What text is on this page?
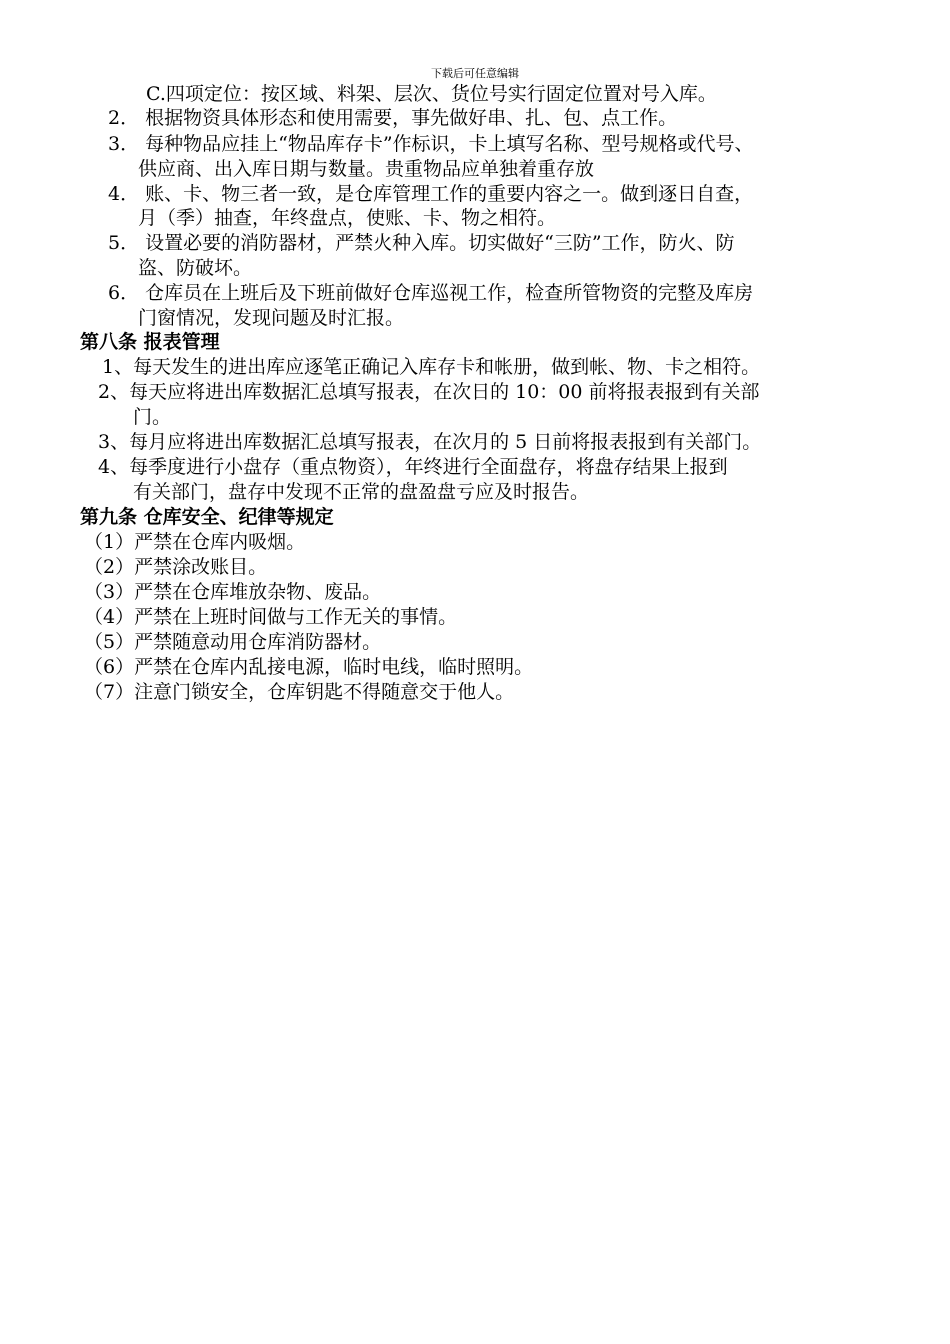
下载后可任意编辑
C.四项定位：按区域、料架、层次、货位号实行固定位置对号入库。
2． 根据物资具体形态和使用需要，事先做好串、扎、包、点工作。
3． 每种物品应挂上“物品库存卡”作标识，卡上填写名称、型号规格或代号、
供应商、出入库日期与数量。贵重物品应单独着重存放
4． 账、卡、物三者一致，是仓库管理工作的重要内容之一。做到逐日自查，
月（季）抽查，年终盘点，使账、卡、物之相符。
5． 设置必要的消防器材，严禁火种入库。切实做好“三防”工作，防火、防
盗、防破坏。
6． 仓库员在上班后及下班前做好仓库巡视工作，检查所管物资的完整及库房
门窗情况，发现问题及时汇报。
第八条 报表管理
1、每天发生的进出库应逐笔正确记入库存卡和帐册，做到帐、物、卡之相符。
2、每天应将进出库数据汇总填写报表，在次日的 10：00 前将报表报到有关部
门。
3、每月应将进出库数据汇总填写报表，在次月的 5 日前将报表报到有关部门。
4、每季度进行小盘存（重点物资），年终进行全面盘存，将盘存结果上报到
有关部门，盘存中发现不正常的盘盈盘亏应及时报告。
第九条 仓库安全、纪律等规定
（1）严禁在仓库内吸烟。
（2）严禁涂改账目。
（3）严禁在仓库堆放杂物、废品。
（4）严禁在上班时间做与工作无关的事情。
（5）严禁随意动用仓库消防器材。
（6）严禁在仓库内乱接电源，临时电线，临时照明。
（7）注意门锁安全，仓库钥匙不得随意交于他人。
